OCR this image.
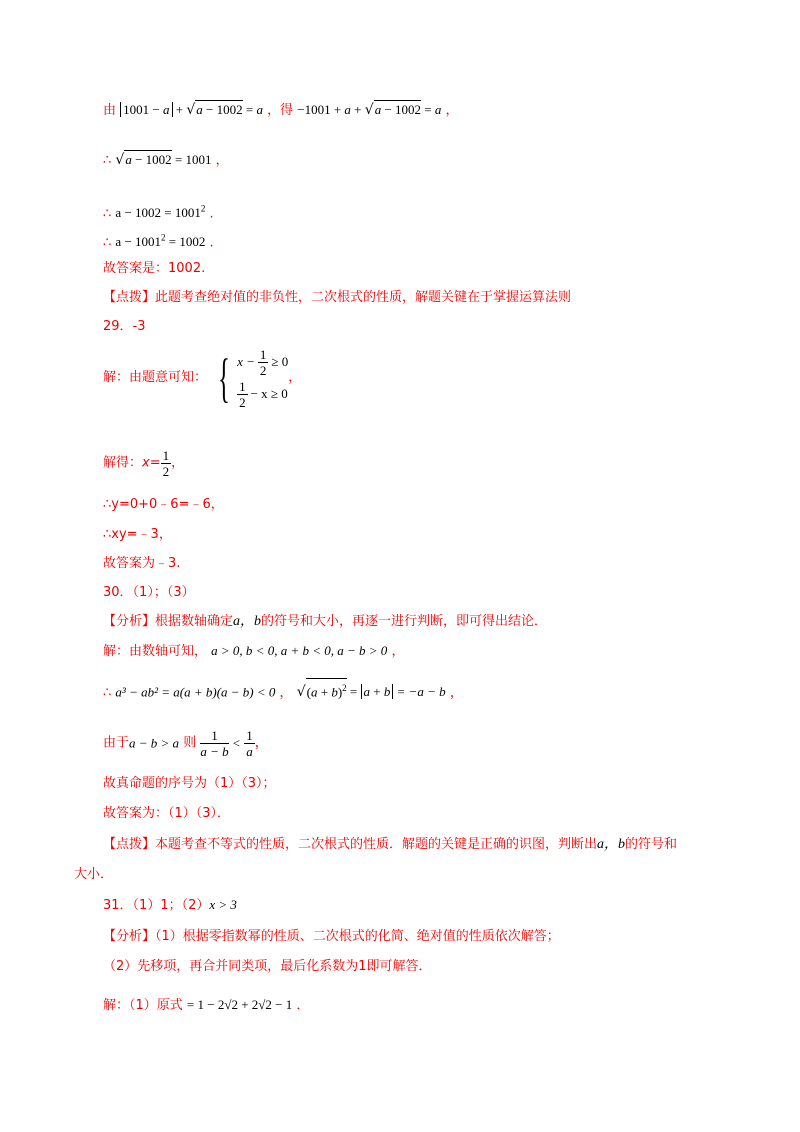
由 1001 − a + √a − 1002 = a ，得 −1001 + a + √a − 1002 = a ，
∴ √a − 1002 = 1001 ，
∴ $a - 1002 = 1001^2$ .
∴ $a - 1001^2 = 1002$ .
故答案是：1002.
【点拨】此题考查绝对值的非负性，二次根式的性质，解题关键在于掌握运算法则
29．-3
解：由题意可知： { $x - \frac{1}{2} \ge 0$
$\frac{1}{2} - x \ge 0$
，
解得：$x= \frac{1}{2}$ ，
∴y=0+0﹣6=﹣6，
∴xy=﹣3，
故答案为﹣3.
30．（1）；（3）
【分析】根据数轴确定a，b的符号和大小，再逐一进行判断，即可得出结论．
解：由数轴可知， a > 0, b < 0, a + b < 0, a − b > 0 ，
∴ a³ − ab² = a(a + b)(a − b) < 0 ， $√(a + b)^2 = a + b = -a - b$ ，
由于a − b > a 则 $\frac{1}{a - b} < \frac{1}{a}$，
故真命题的序号为（1）（3）；
故答案为：（1）（3）．
【点拨】本题考查不等式的性质，二次根式的性质．解题的关键是正确的识图，判断出a，b的符号和
大小．
31．（1）1；（2）x > 3
【分析】（1）根据零指数幂的性质、二次根式的化简、绝对值的性质依次解答；
（2）先移项，再合并同类项，最后化系数为1即可解答．
解：（1）原式 = 1 − 2√2 + 2√2 − 1 ．
